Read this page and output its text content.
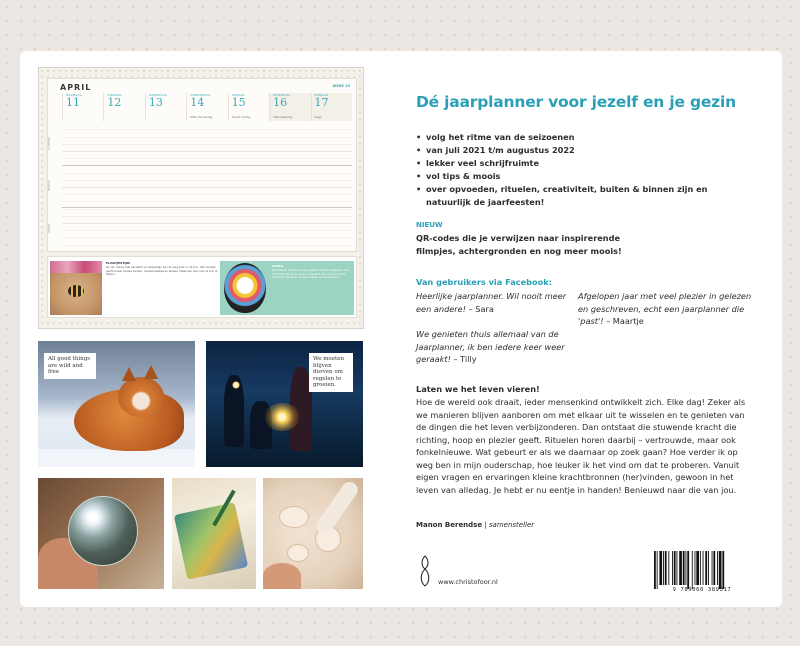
APRIL	WEEK 15
MAANDAG
11
DINSDAG
12
WOENSDAG
13
DONDERDAG
14
Witte Donderdag
VRIJDAG
15
Goede Vrijdag
ZATERDAG
16
Stille Zaterdag
ZONDAG
17
Pasen
OCHTEND
MIDDAG
AVOND
PLANTJESTIJD!
Zo van nature met aandacht en bewustzijn aan de slag gaan in de tuin. Het voorjaar geeft zoveel nieuwe kansen, nieuwe zaadjes en stekjes. Maak een plan voor je tuin of balkon.
PASEN
Rond Pasen maken we een paasstuk of een paasboom. Het licht komt terug, de natuur ontwaakt. Een mooi moment om samen te vieren en stil te staan bij nieuw leven.
All good things are wild and free
We moeten blijven durven om regelen te groeien.
Dé jaarplanner voor jezelf en je gezin
• volg het ritme van de seizoenen
• van juli 2021 t/m augustus 2022
• lekker veel schrijfruimte
• vol tips & moois
• over opvoeden, rituelen, creativiteit, buiten & binnen zijn en natuurlijk de jaarfeesten!
NIEUW
QR-codes die je verwijzen naar inspirerende filmpjes, achtergronden en nog meer moois!
Van gebruikers via Facebook:
Heerlijke jaarplanner. Wil nooit meer een andere! – Sara
Afgelopen jaar met veel plezier in gelezen en geschreven, echt een jaarplanner die 'past'! – Maartje
We genieten thuis allemaal van de Jaarplanner, ik ben iedere keer weer geraakt! – Tilly
Laten we het leven vieren!

Hoe de wereld ook draait, ieder mensenkind ontwikkelt zich. Elke dag! Zeker als we manieren blijven aanboren om met elkaar uit te wisselen en te genieten van de dingen die het leven verbijzonderen. Dan ontstaat die stuwende kracht die richting, hoop en plezier geeft. Rituelen horen daarbij – vertrouwde, maar ook fonkelnieuwe. Wat gebeurt er als we daarnaar op zoek gaan? Hoe verder ik op weg ben in mijn ouderschap, hoe leuker ik het vind om dat te proberen. Vanuit eigen vragen en ervaringen kleine krachtbronnen (her)vinden, gewoon in het leven van alledag. Je hebt er nu eentje in handen! Benieuwd naar die van jou.

Manon Berendse | samensteller
www.christofoor.nl
9 789060 389317
